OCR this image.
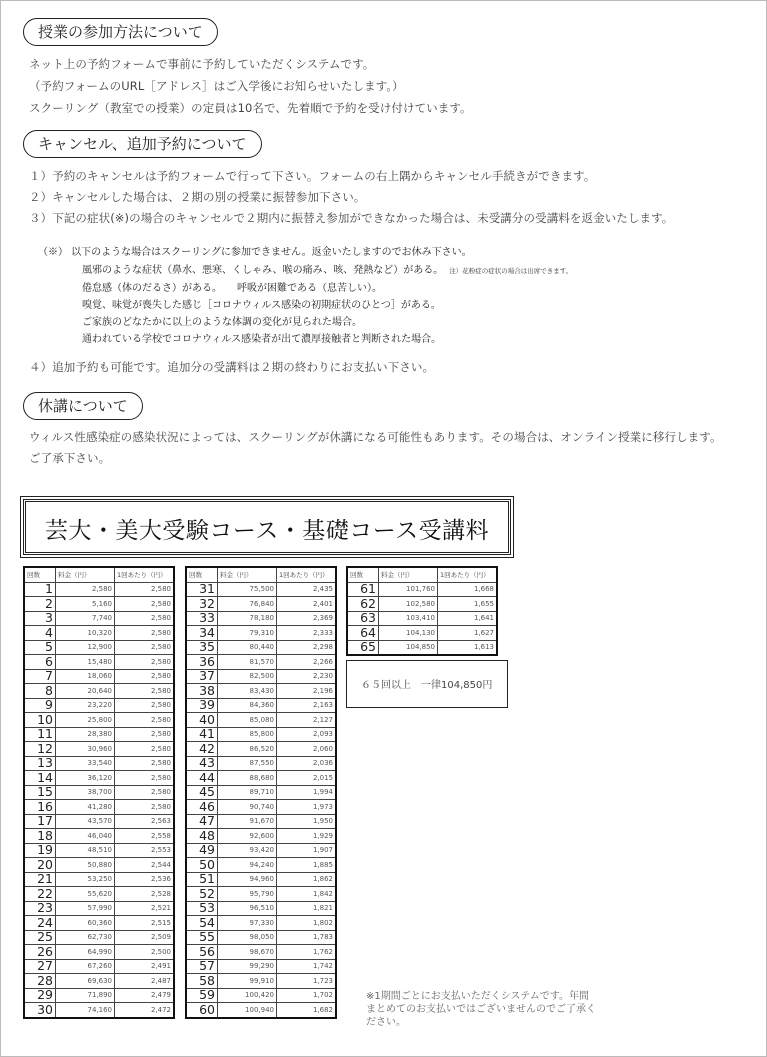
授業の参加方法について
ネット上の予約フォームで事前に予約していただくシステムです。
（予約フォームのURL［アドレス］はご入学後にお知らせいたします。）
スクーリング（教室での授業）の定員は10名で、先着順で予約を受け付けています。
キャンセル、追加予約について
１）予約のキャンセルは予約フォームで行って下さい。フォームの右上隅からキャンセル手続きができます。
２）キャンセルした場合は、２期の別の授業に振替参加下さい。
３）下記の症状(※)の場合のキャンセルで２期内に振替え参加ができなかった場合は、未受講分の受講料を返金いたします。
（※） 以下のような場合はスクーリングに参加できません。返金いたしますのでお休み下さい。
風邪のような症状（鼻水、悪寒、くしゃみ、喉の痛み、咳、発熱など）がある。 注）花粉症の症状の場合は出席できます。
倦怠感（体のだるさ）がある。　　呼吸が困難である（息苦しい）。
嗅覚、味覚が喪失した感じ［コロナウィルス感染の初期症状のひとつ］がある。
ご家族のどなたかに以上のような体調の変化が見られた場合。
通われている学校でコロナウィルス感染者が出て濃厚接触者と判断された場合。
４）追加予約も可能です。追加分の受講料は２期の終わりにお支払い下さい。
休講について
ウィルス性感染症の感染状況によっては、スクーリングが休講になる可能性もあります。その場合は、オンライン授業に移行します。
ご了承下さい。
芸大・美大受験コース・基礎コース受講料
回数	料金（円）	1回あたり（円）
1	2,580	2,580
2	5,160	2,580
3	7,740	2,580
4	10,320	2,580
5	12,900	2,580
6	15,480	2,580
7	18,060	2,580
8	20,640	2,580
9	23,220	2,580
10	25,800	2,580
11	28,380	2,580
12	30,960	2,580
13	33,540	2,580
14	36,120	2,580
15	38,700	2,580
16	41,280	2,580
17	43,570	2,563
18	46,040	2,558
19	48,510	2,553
20	50,880	2,544
21	53,250	2,536
22	55,620	2,528
23	57,990	2,521
24	60,360	2,515
25	62,730	2,509
26	64,990	2,500
27	67,260	2,491
28	69,630	2,487
29	71,890	2,479
30	74,160	2,472
回数	料金（円）	1回あたり（円）
31	75,500	2,435
32	76,840	2,401
33	78,180	2,369
34	79,310	2,333
35	80,440	2,298
36	81,570	2,266
37	82,500	2,230
38	83,430	2,196
39	84,360	2,163
40	85,080	2,127
41	85,800	2,093
42	86,520	2,060
43	87,550	2,036
44	88,680	2,015
45	89,710	1,994
46	90,740	1,973
47	91,670	1,950
48	92,600	1,929
49	93,420	1,907
50	94,240	1,885
51	94,960	1,862
52	95,790	1,842
53	96,510	1,821
54	97,330	1,802
55	98,050	1,783
56	98,670	1,762
57	99,290	1,742
58	99,910	1,723
59	100,420	1,702
60	100,940	1,682
回数	料金（円）	1回あたり（円）
61	101,760	1,668
62	102,580	1,655
63	103,410	1,641
64	104,130	1,627
65	104,850	1,613
６５回以上　一律104,850円
※1期間ごとにお支払いただくシステムです。年間まとめてのお支払いではございませんのでご了承ください。
